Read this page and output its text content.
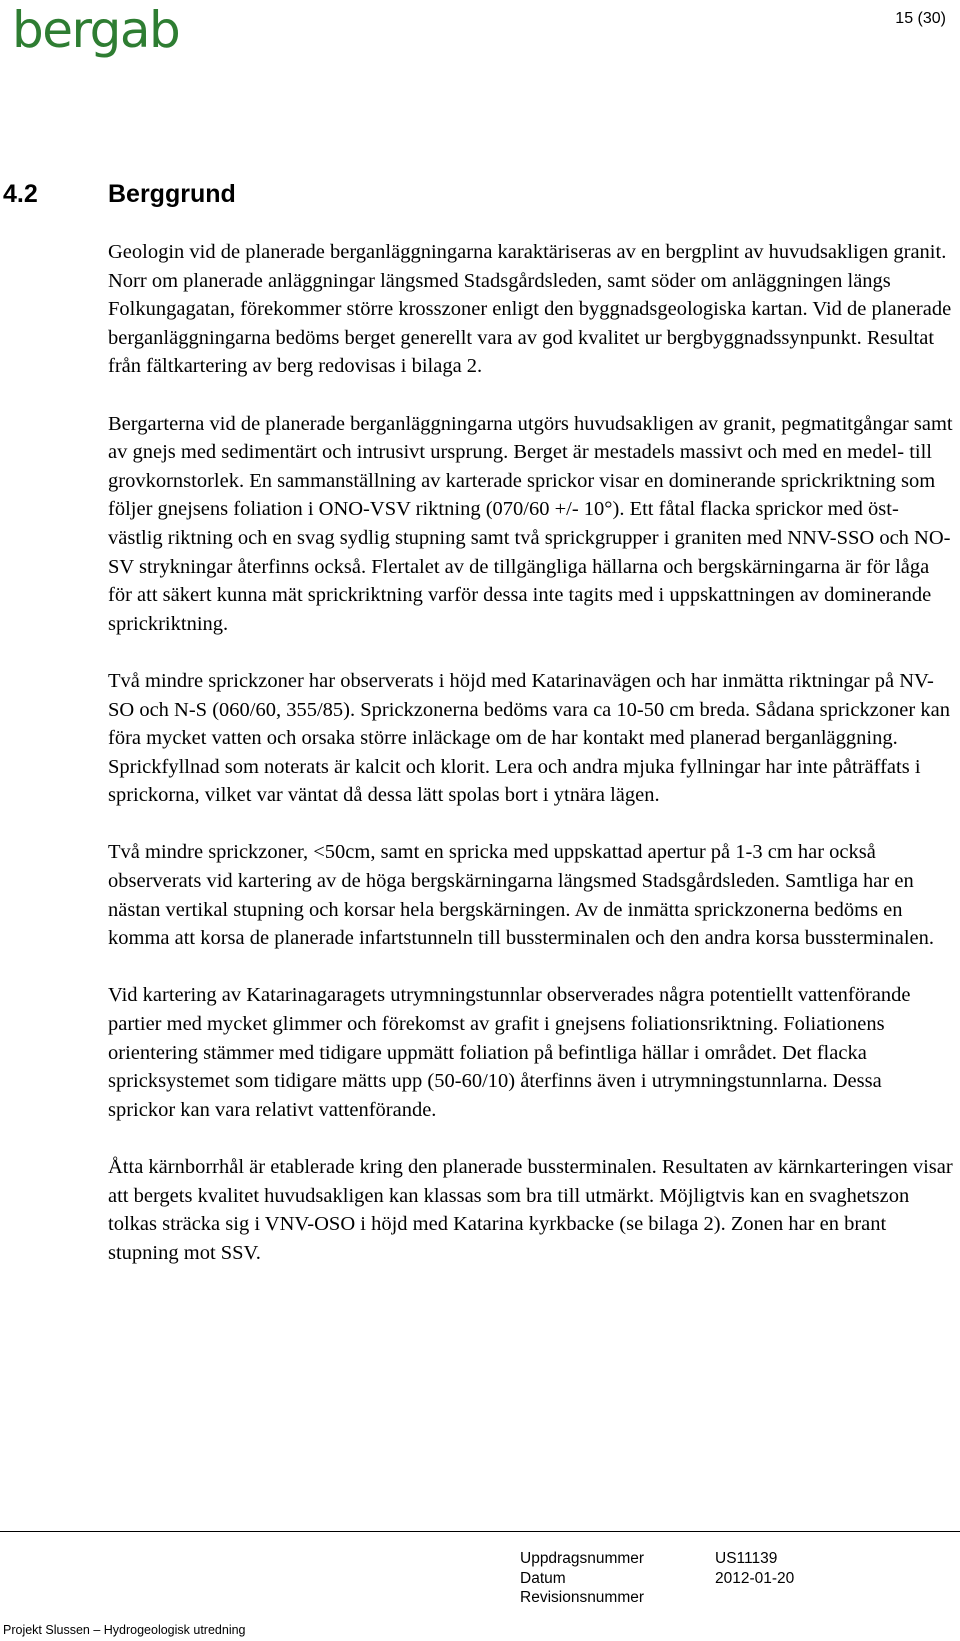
bergab	15 (30)
4.2	Berggrund

Geologin vid de planerade berganläggningarna karaktäriseras av en bergplint av huvudsakligen granit. Norr om planerade anläggningar längsmed Stadsgårdsleden, samt söder om anläggningen längs Folkungagatan, förekommer större krosszoner enligt den byggnadsgeologiska kartan. Vid de planerade berganläggningarna bedöms berget generellt vara av god kvalitet ur bergbyggnadssynpunkt. Resultat från fältkartering av berg redovisas i bilaga 2.

Bergarterna vid de planerade berganläggningarna utgörs huvudsakligen av granit, pegmatitgångar samt av gnejs med sedimentärt och intrusivt ursprung. Berget är mestadels massivt och med en medel- till grovkornstorlek. En sammanställning av karterade sprickor visar en dominerande sprickriktning som följer gnejsens foliation i ONO-VSV riktning (070/60 +/- 10°). Ett fåtal flacka sprickor med öst-västlig riktning och en svag sydlig stupning samt två sprickgrupper i graniten med NNV-SSO och NO-SV strykningar återfinns också. Flertalet av de tillgängliga hällarna och bergskärningarna är för låga för att säkert kunna mät sprickriktning varför dessa inte tagits med i uppskattningen av dominerande sprickriktning.

Två mindre sprickzoner har observerats i höjd med Katarinavägen och har inmätta riktningar på NV-SO och N-S (060/60, 355/85). Sprickzonerna bedöms vara ca 10-50 cm breda. Sådana sprickzoner kan föra mycket vatten och orsaka större inläckage om de har kontakt med planerad berganläggning. Sprickfyllnad som noterats är kalcit och klorit. Lera och andra mjuka fyllningar har inte påträffats i sprickorna, vilket var väntat då dessa lätt spolas bort i ytnära lägen.

Två mindre sprickzoner, <50cm, samt en spricka med uppskattad apertur på 1-3 cm har också observerats vid kartering av de höga bergskärningarna längsmed Stadsgårdsleden. Samtliga har en nästan vertikal stupning och korsar hela bergskärningen. Av de inmätta sprickzonerna bedöms en komma att korsa de planerade infartstunneln till bussterminalen och den andra korsa bussterminalen.

Vid kartering av Katarinagaragets utrymningstunnlar observerades några potentiellt vattenförande partier med mycket glimmer och förekomst av grafit i gnejsens foliationsriktning. Foliationens orientering stämmer med tidigare uppmätt foliation på befintliga hällar i området. Det flacka spricksystemet som tidigare mätts upp (50-60/10) återfinns även i utrymningstunnlarna. Dessa sprickor kan vara relativt vattenförande.

Åtta kärnborrhål är etablerade kring den planerade bussterminalen. Resultaten av kärnkarteringen visar att bergets kvalitet huvudsakligen kan klassas som bra till utmärkt. Möjligtvis kan en svaghetszon tolkas sträcka sig i VNV-OSO i höjd med Katarina kyrkbacke (se bilaga 2). Zonen har en brant stupning mot SSV.

Uppdragsnummer	US11139
Datum	2012-01-20
Revisionsnummer
Projekt Slussen – Hydrogeologisk utredning
